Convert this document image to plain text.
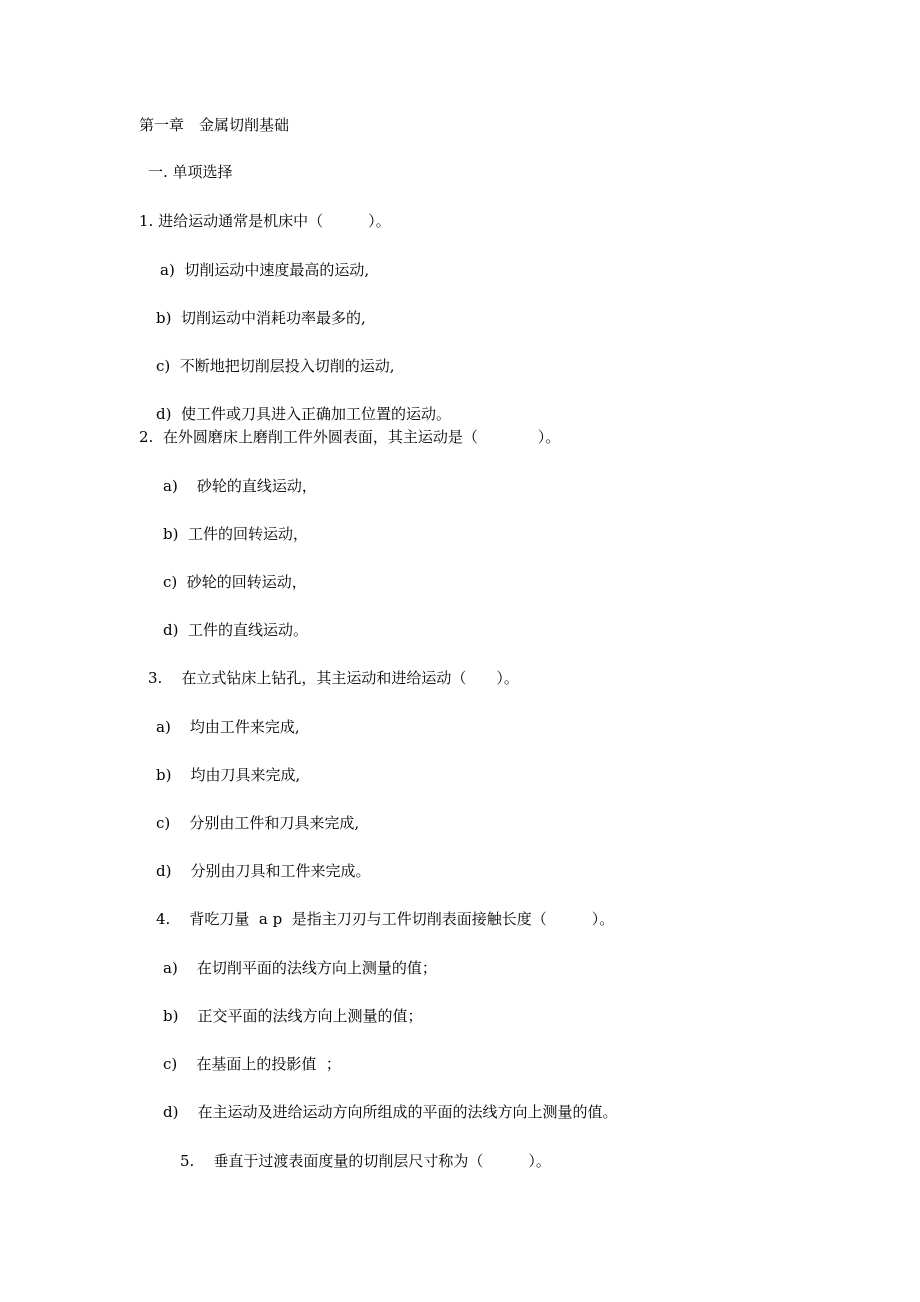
第一章　金属切削基础
一. 单项选择
1. 进给运动通常是机床中（　　　）。
a)  切削运动中速度最高的运动,
b)  切削运动中消耗功率最多的,
c)  不断地把切削层投入切削的运动,
d)  使工件或刀具进入正确加工位置的运动。
2.  在外圆磨床上磨削工件外圆表面，其主运动是（　　　　）。
a)    砂轮的直线运动，
b)  工件的回转运动，
c)  砂轮的回转运动，
d)  工件的直线运动。
3.    在立式钻床上钻孔，其主运动和进给运动（　　）。
a)    均由工件来完成,
b)    均由刀具来完成,
c)    分别由工件和刀具来完成,
d)    分别由刀具和工件来完成。
4.    背吃刀量  a p  是指主刀刃与工件切削表面接触长度（　　　）。
a)    在切削平面的法线方向上测量的值；
b)    正交平面的法线方向上测量的值；
c)    在基面上的投影值  ；
d)    在主运动及进给运动方向所组成的平面的法线方向上测量的值。
5.    垂直于过渡表面度量的切削层尺寸称为（　　　）。
